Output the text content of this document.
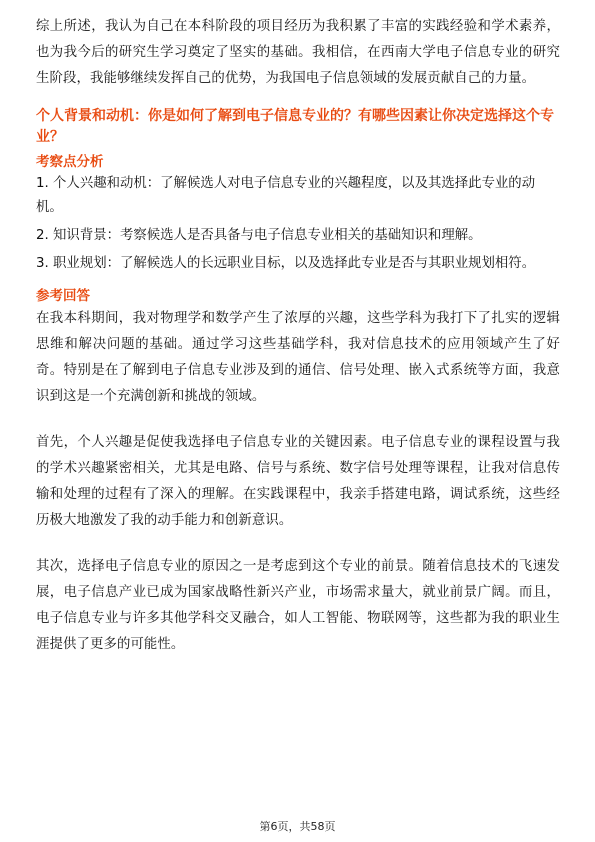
综上所述，我认为自己在本科阶段的项目经历为我积累了丰富的实践经验和学术素养，也为我今后的研究生学习奠定了坚实的基础。我相信，在西南大学电子信息专业的研究生阶段，我能够继续发挥自己的优势，为我国电子信息领域的发展贡献自己的力量。

个人背景和动机：你是如何了解到电子信息专业的？有哪些因素让你决定选择这个专业？

考察点分析

1. 个人兴趣和动机：了解候选人对电子信息专业的兴趣程度，以及其选择此专业的动机。

2. 知识背景：考察候选人是否具备与电子信息专业相关的基础知识和理解。

3. 职业规划：了解候选人的长远职业目标，以及选择此专业是否与其职业规划相符。

参考回答

在我本科期间，我对物理学和数学产生了浓厚的兴趣，这些学科为我打下了扎实的逻辑思维和解决问题的基础。通过学习这些基础学科，我对信息技术的应用领域产生了好奇。特别是在了解到电子信息专业涉及到的通信、信号处理、嵌入式系统等方面，我意识到这是一个充满创新和挑战的领域。

首先，个人兴趣是促使我选择电子信息专业的关键因素。电子信息专业的课程设置与我的学术兴趣紧密相关，尤其是电路、信号与系统、数字信号处理等课程，让我对信息传输和处理的过程有了深入的理解。在实践课程中，我亲手搭建电路，调试系统，这些经历极大地激发了我的动手能力和创新意识。

其次，选择电子信息专业的原因之一是考虑到这个专业的前景。随着信息技术的飞速发展，电子信息产业已成为国家战略性新兴产业，市场需求量大，就业前景广阔。而且，电子信息专业与许多其他学科交叉融合，如人工智能、物联网等，这些都为我的职业生涯提供了更多的可能性。

第6页，共58页
